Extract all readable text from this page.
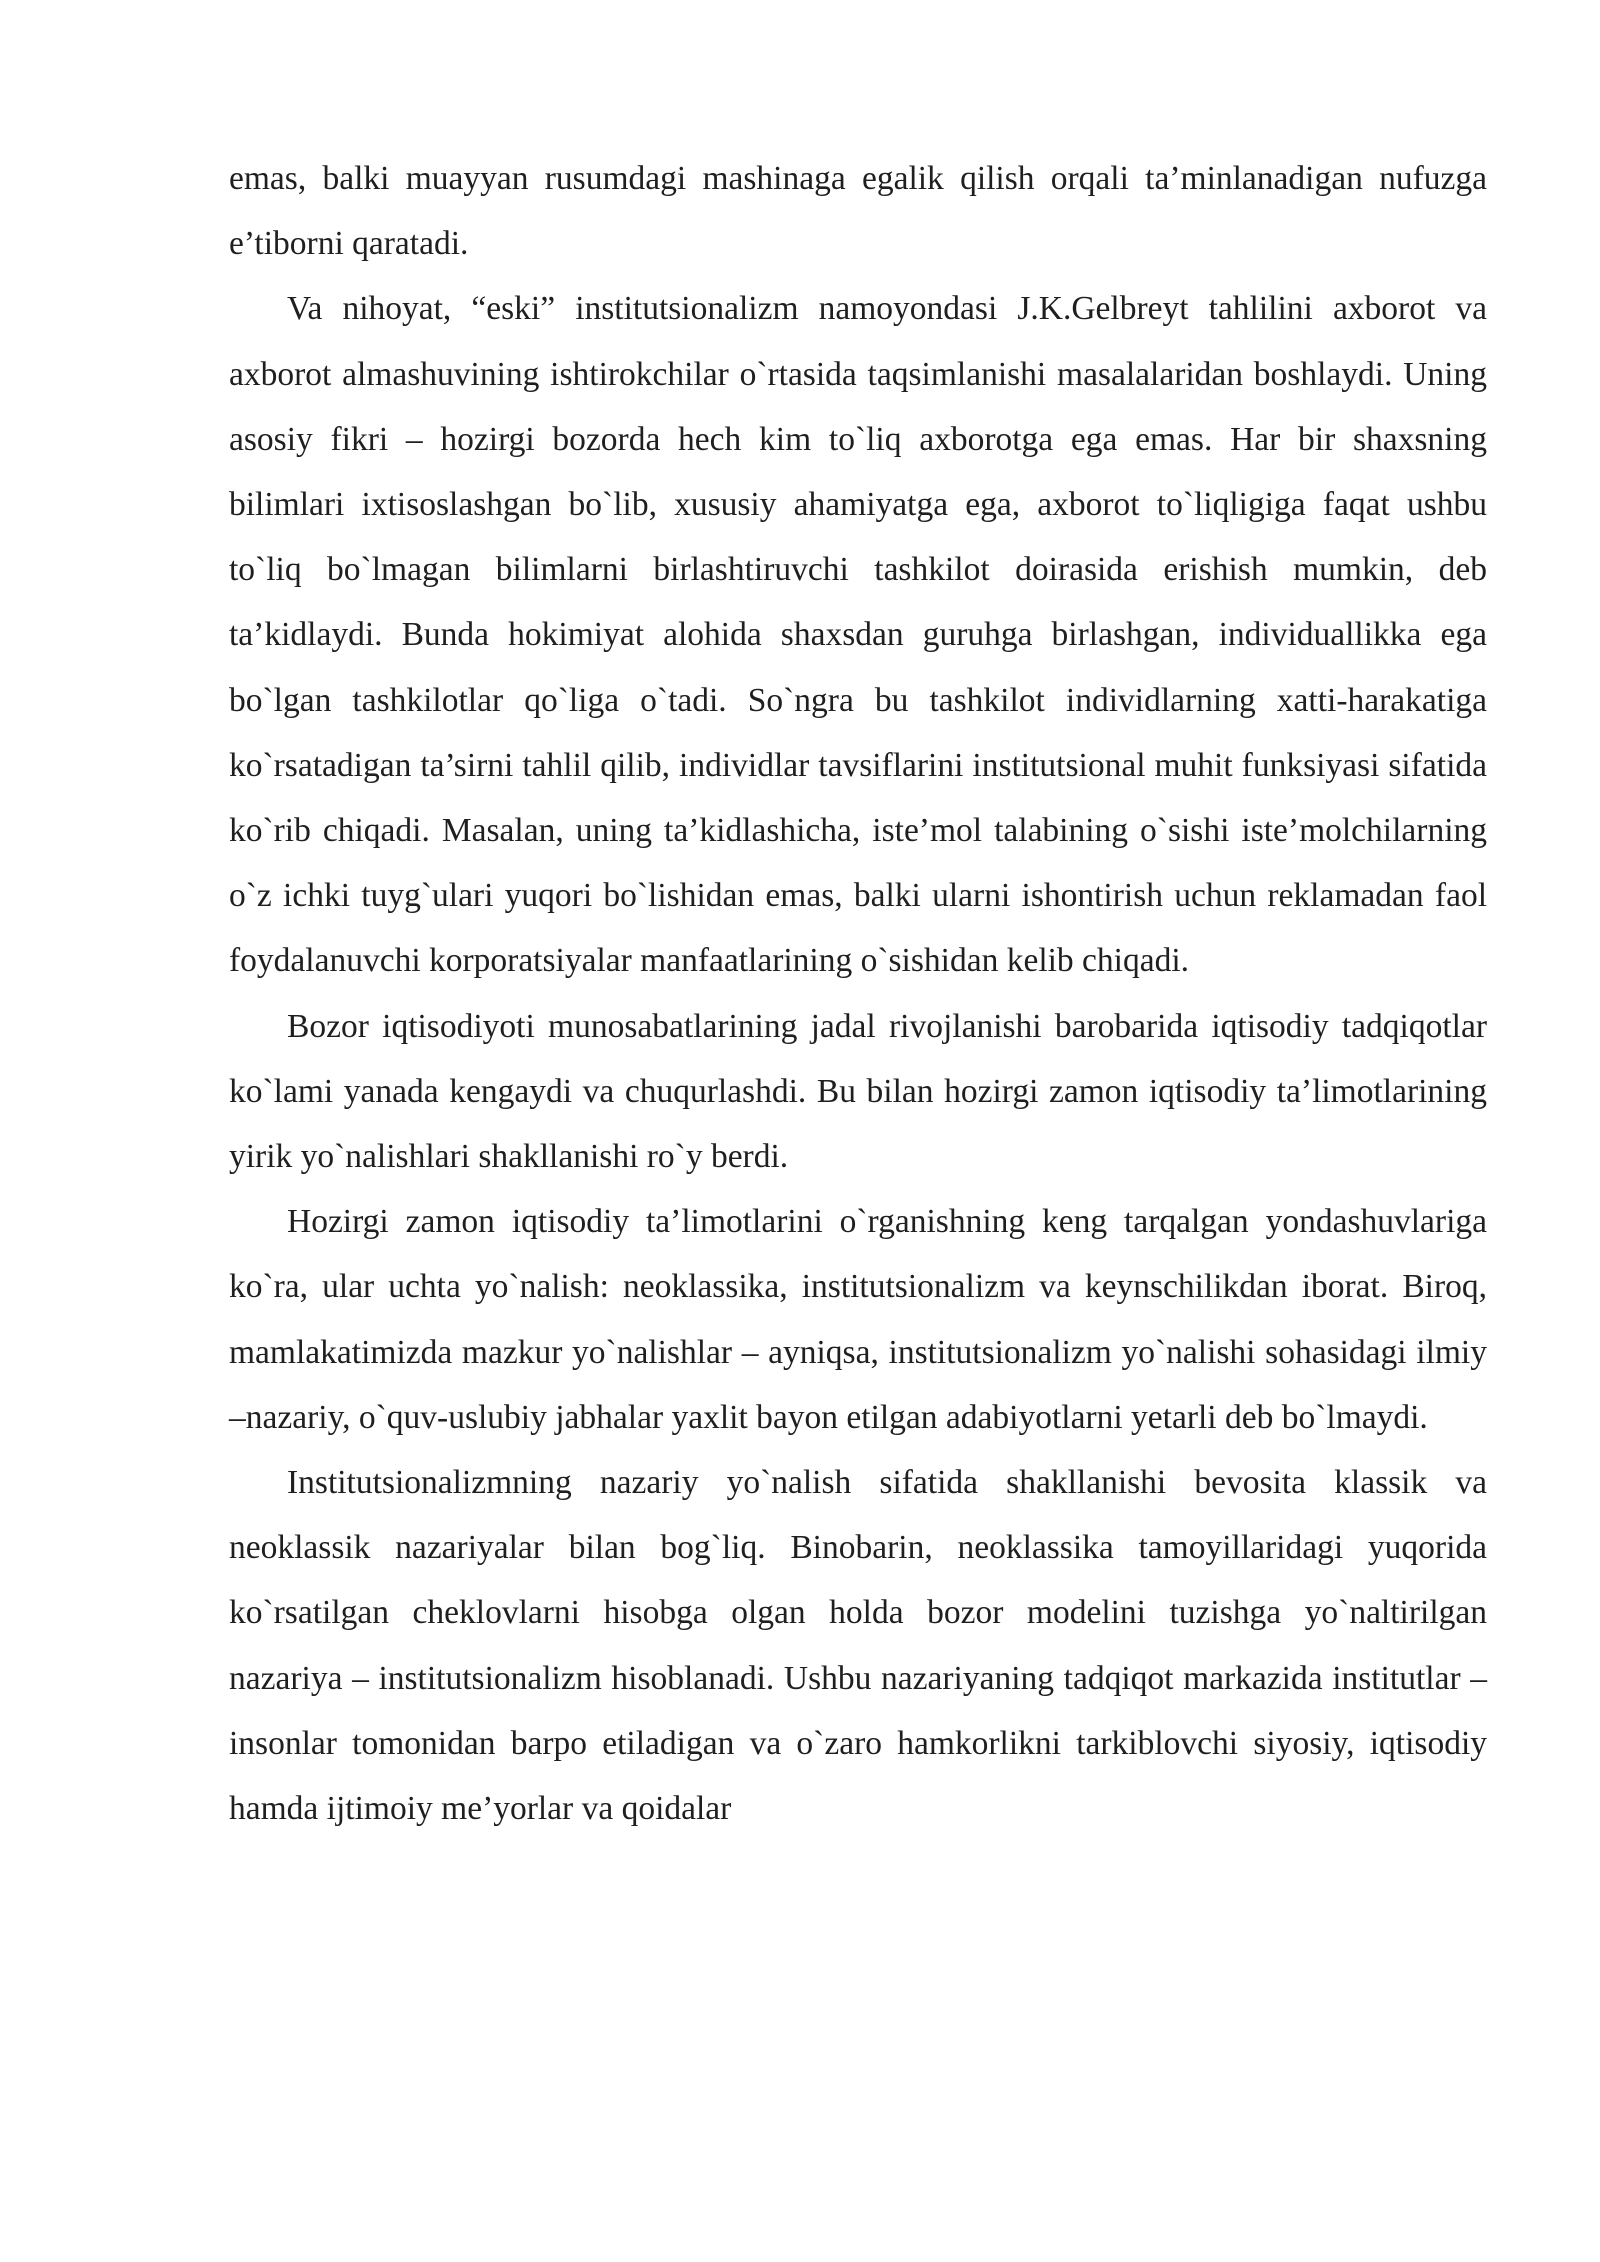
emas, balki muayyan rusumdagi mashinaga egalik qilish orqali ta’minlanadigan nufuzga e’tiborni qaratadi.

Va nihoyat, “eski” institutsionalizm namoyondasi J.K.Gelbreyt tahlilini axborot va axborot almashuvining ishtirokchilar o`rtasida taqsimlanishi masalalaridan boshlaydi. Uning asosiy fikri – hozirgi bozorda hech kim to`liq axborotga ega emas. Har bir shaxsning bilimlari ixtisoslashgan bo`lib, xususiy ahamiyatga ega, axborot to`liqligiga faqat ushbu to`liq bo`lmagan bilimlarni birlashtiruvchi tashkilot doirasida erishish mumkin, deb ta’kidlaydi. Bunda hokimiyat alohida shaxsdan guruhga birlashgan, individuallikka ega bo`lgan tashkilotlar qo`liga o`tadi. So`ngra bu tashkilot individlarning xatti-harakatiga ko`rsatadigan ta’sirni tahlil qilib, individlar tavsiflarini institutsional muhit funksiyasi sifatida ko`rib chiqadi. Masalan, uning ta’kidlashicha, iste’mol talabining o`sishi iste’molchilarning o`z ichki tuyg`ulari yuqori bo`lishidan emas, balki ularni ishontirish uchun reklamadan faol foydalanuvchi korporatsiyalar manfaatlarining o`sishidan kelib chiqadi.

Bozor iqtisodiyoti munosabatlarining jadal rivojlanishi barobarida iqtisodiy tadqiqotlar ko`lami yanada kengaydi va chuqurlashdi. Bu bilan hozirgi zamon iqtisodiy ta’limotlarining yirik yo`nalishlari shakllanishi ro`y berdi.

Hozirgi zamon iqtisodiy ta’limotlarini o`rganishning keng tarqalgan yondashuvlariga ko`ra, ular uchta yo`nalish: neoklassika, institutsionalizm va keynschilikdan iborat. Biroq, mamlakatimizda mazkur yo`nalishlar – ayniqsa, institutsionalizm yo`nalishi sohasidagi ilmiy –nazariy, o`quv-uslubiy jabhalar yaxlit bayon etilgan adabiyotlarni yetarli deb bo`lmaydi.

Institutsionalizmning nazariy yo`nalish sifatida shakllanishi bevosita klassik va neoklassik nazariyalar bilan bog`liq. Binobarin, neoklassika tamoyillaridagi yuqorida ko`rsatilgan cheklovlarni hisobga olgan holda bozor modelini tuzishga yo`naltirilgan nazariya – institutsionalizm hisoblanadi. Ushbu nazariyaning tadqiqot markazida institutlar – insonlar tomonidan barpo etiladigan va o`zaro hamkorlikni tarkiblovchi siyosiy, iqtisodiy hamda ijtimoiy me’yorlar va qoidalar
